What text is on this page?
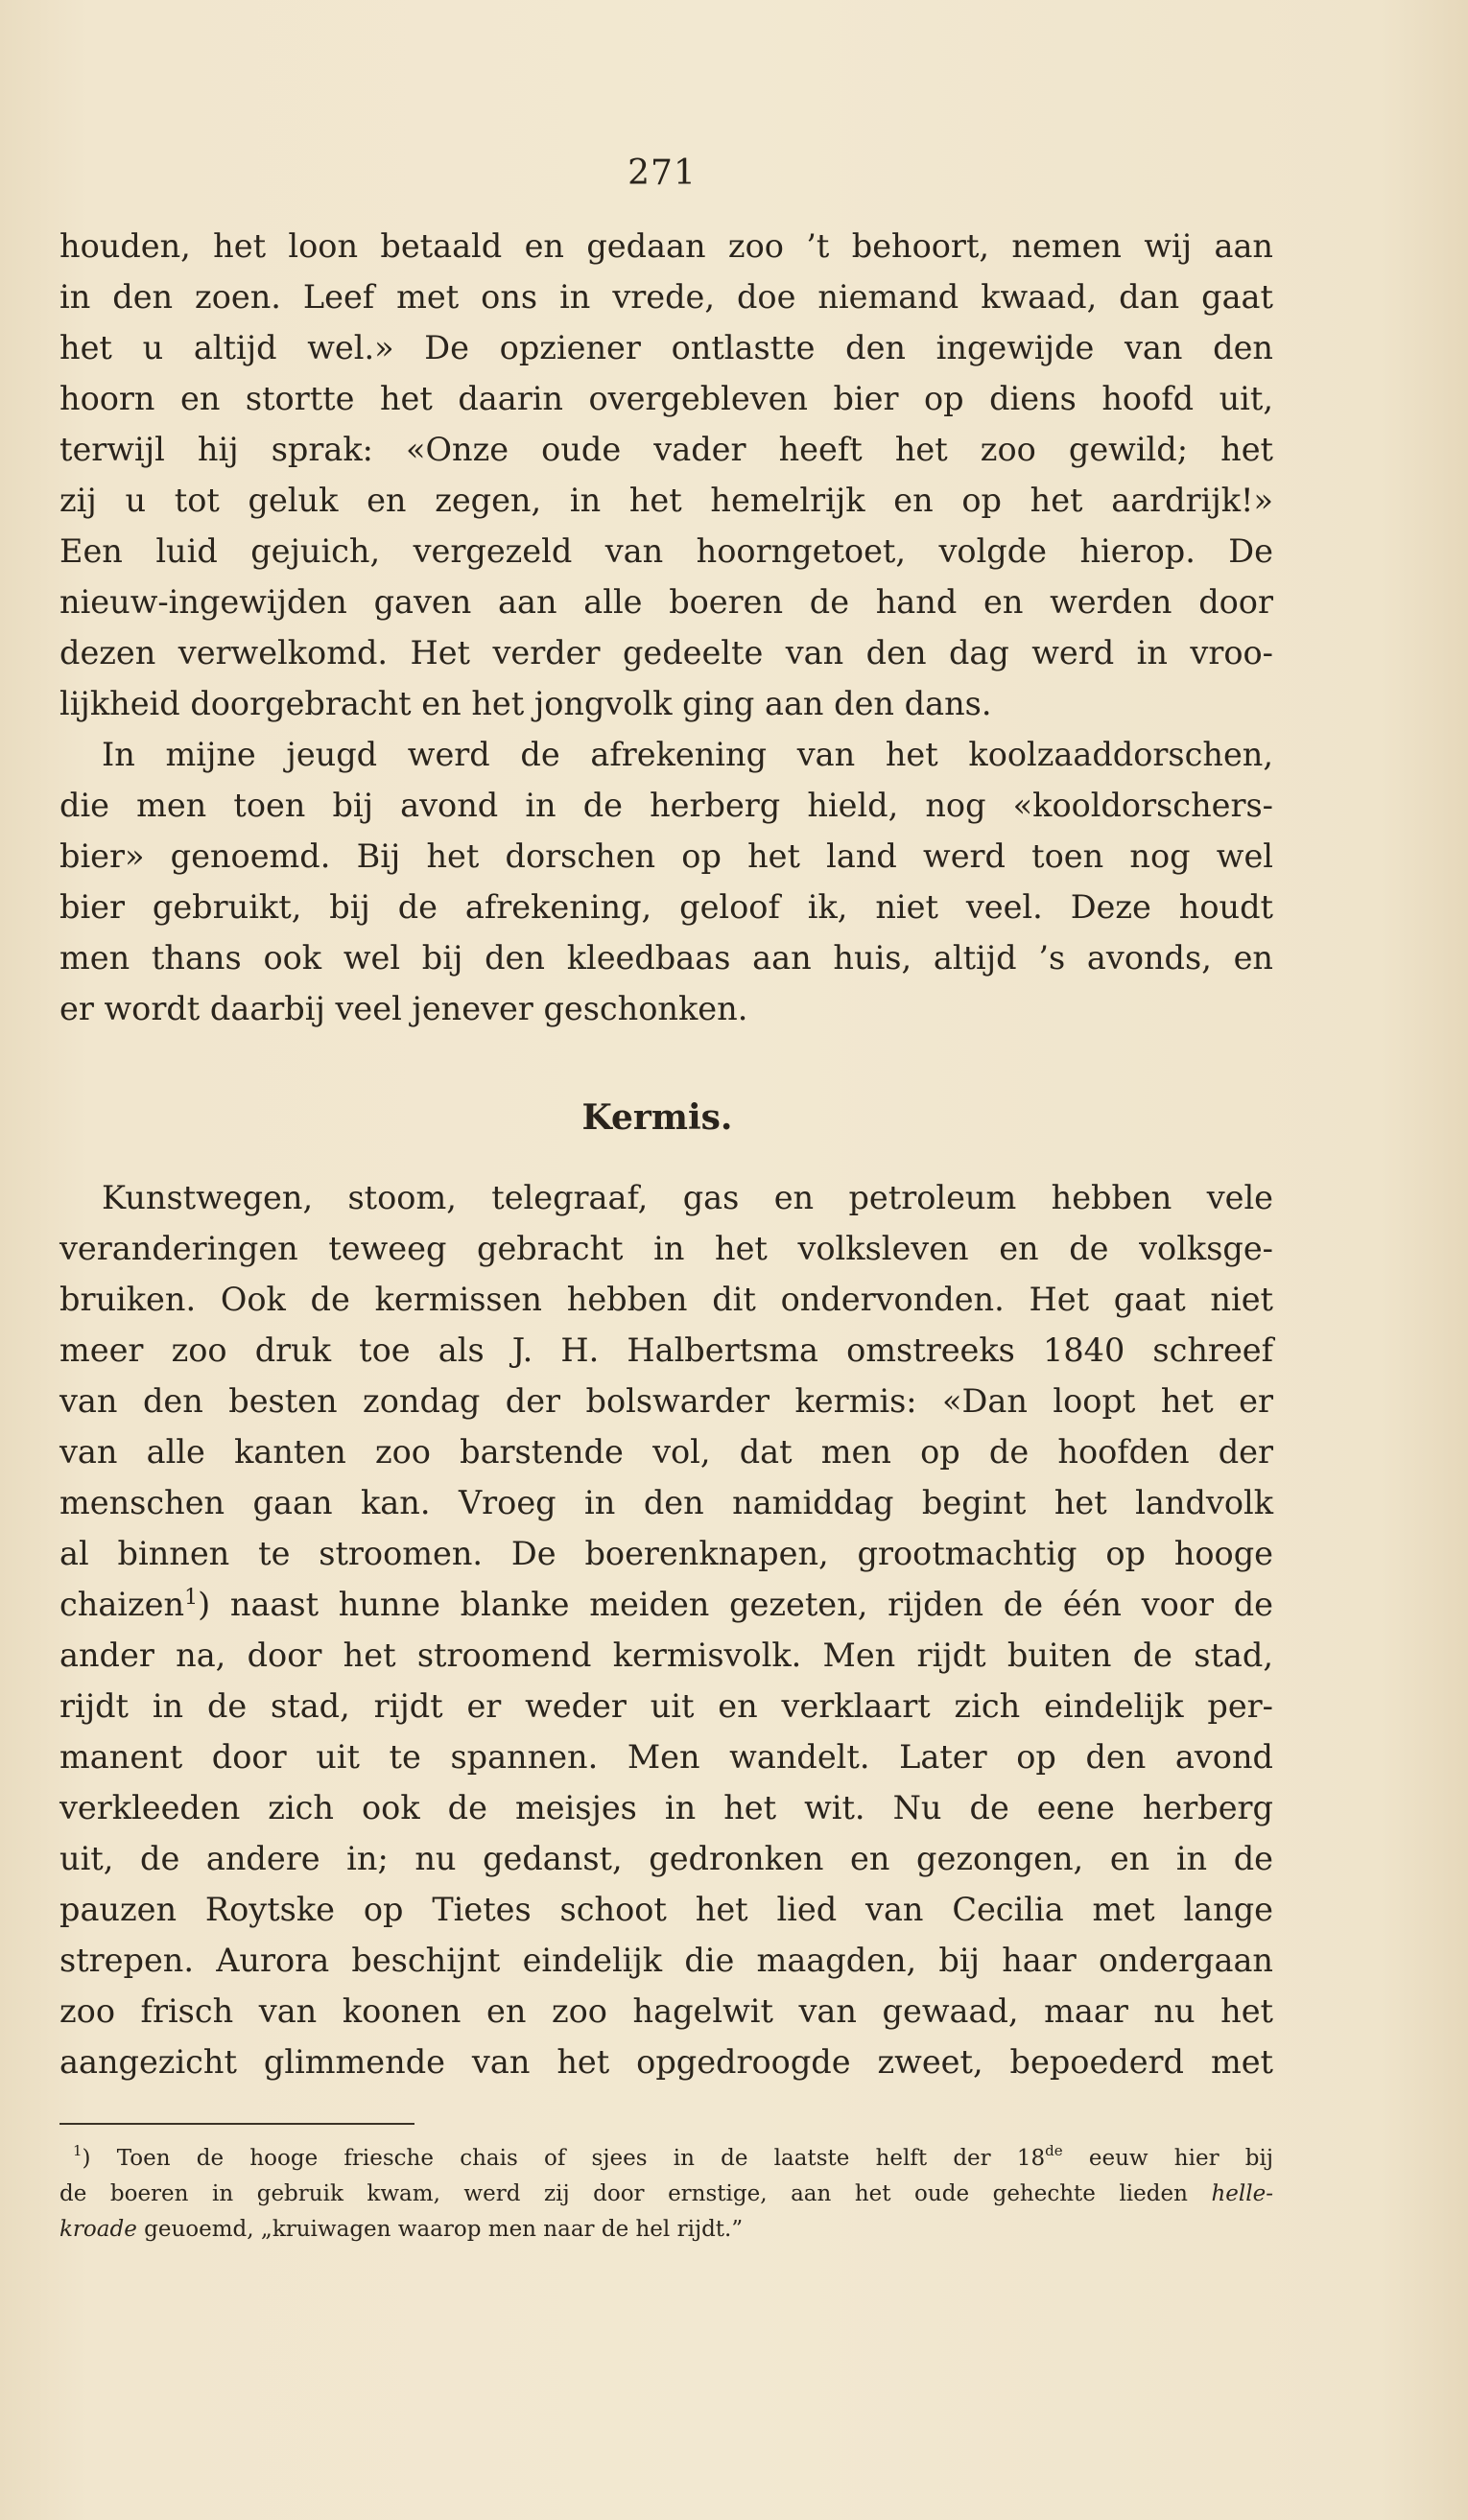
271
houden, het loon betaald en gedaan zoo ’t behoort, nemen wij aan
in den zoen. Leef met ons in vrede, doe niemand kwaad, dan gaat
het u altijd wel.» De opziener ontlastte den ingewijde van den
hoorn en stortte het daarin overgebleven bier op diens hoofd uit,
terwijl hij sprak: «Onze oude vader heeft het zoo gewild; het
zij u tot geluk en zegen, in het hemelrijk en op het aardrijk!»
Een luid gejuich, vergezeld van hoorngetoet, volgde hierop. De
nieuw-ingewijden gaven aan alle boeren de hand en werden door
dezen verwelkomd. Het verder gedeelte van den dag werd in vroo-
lijkheid doorgebracht en het jongvolk ging aan den dans.
In mijne jeugd werd de afrekening van het koolzaaddorschen,
die men toen bij avond in de herberg hield, nog «kooldorschers-
bier» genoemd. Bij het dorschen op het land werd toen nog wel
bier gebruikt, bij de afrekening, geloof ik, niet veel. Deze houdt
men thans ook wel bij den kleedbaas aan huis, altijd ’s avonds, en
er wordt daarbij veel jenever geschonken.
Kermis.
Kunstwegen, stoom, telegraaf, gas en petroleum hebben vele
veranderingen teweeg gebracht in het volksleven en de volksge-
bruiken. Ook de kermissen hebben dit ondervonden. Het gaat niet
meer zoo druk toe als J. H. Halbertsma omstreeks 1840 schreef
van den besten zondag der bolswarder kermis: «Dan loopt het er
van alle kanten zoo barstende vol, dat men op de hoofden der
menschen gaan kan. Vroeg in den namiddag begint het landvolk
al binnen te stroomen. De boerenknapen, grootmachtig op hooge
chaizen$^1$) naast hunne blanke meiden gezeten, rijden de één voor de
ander na, door het stroomend kermisvolk. Men rijdt buiten de stad,
rijdt in de stad, rijdt er weder uit en verklaart zich eindelijk per-
manent door uit te spannen. Men wandelt. Later op den avond
verkleeden zich ook de meisjes in het wit. Nu de eene herberg
uit, de andere in; nu gedanst, gedronken en gezongen, en in de
pauzen Roytske op Tietes schoot het lied van Cecilia met lange
strepen. Aurora beschijnt eindelijk die maagden, bij haar ondergaan
zoo frisch van koonen en zoo hagelwit van gewaad, maar nu het
aangezicht glimmende van het opgedroogde zweet, bepoederd met
$^1$) Toen de hooge friesche chais of sjees in de laatste helft der 18de eeuw hier bij
de boeren in gebruik kwam, werd zij door ernstige, aan het oude gehechte lieden helle-
kroade geuoemd, „kruiwagen waarop men naar de hel rijdt.”
